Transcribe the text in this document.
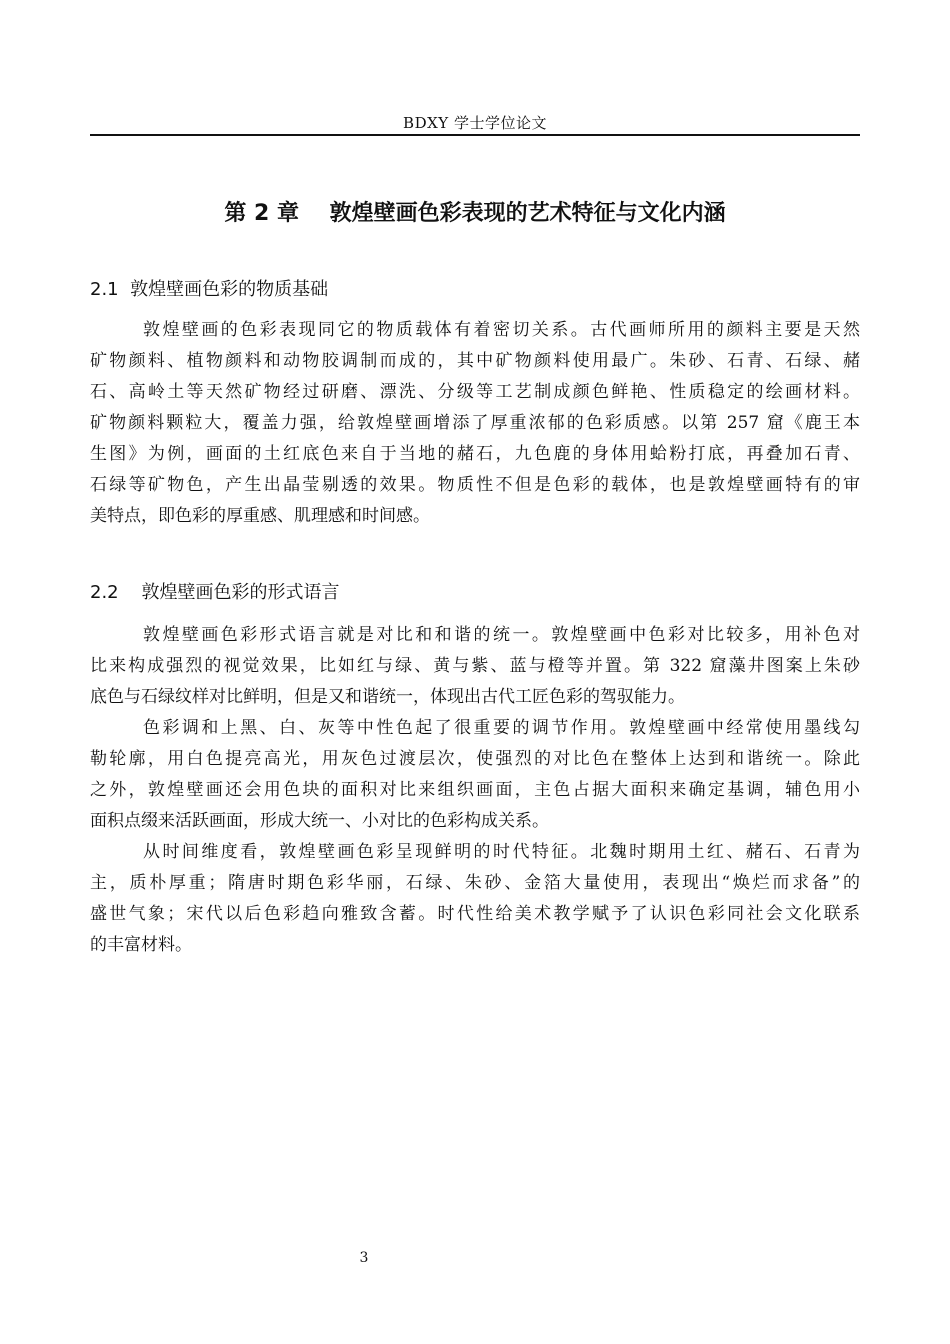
BDXY 学士学位论文
第 2 章    敦煌壁画色彩表现的艺术特征与文化内涵
2.1  敦煌壁画色彩的物质基础
敦煌壁画的色彩表现同它的物质载体有着密切关系。古代画师所用的颜料主要是天然
矿物颜料、植物颜料和动物胶调制而成的，其中矿物颜料使用最广。朱砂、石青、石绿、赭
石、高岭土等天然矿物经过研磨、漂洗、分级等工艺制成颜色鲜艳、性质稳定的绘画材料。
矿物颜料颗粒大，覆盖力强，给敦煌壁画增添了厚重浓郁的色彩质感。以第 257 窟《鹿王本
生图》为例，画面的土红底色来自于当地的赭石，九色鹿的身体用蛤粉打底，再叠加石青、
石绿等矿物色，产生出晶莹剔透的效果。物质性不但是色彩的载体，也是敦煌壁画特有的审
美特点，即色彩的厚重感、肌理感和时间感。
2.2    敦煌壁画色彩的形式语言
敦煌壁画色彩形式语言就是对比和和谐的统一。敦煌壁画中色彩对比较多，用补色对
比来构成强烈的视觉效果，比如红与绿、黄与紫、蓝与橙等并置。第 322 窟藻井图案上朱砂
底色与石绿纹样对比鲜明，但是又和谐统一，体现出古代工匠色彩的驾驭能力。
色彩调和上黑、白、灰等中性色起了很重要的调节作用。敦煌壁画中经常使用墨线勾
勒轮廓，用白色提亮高光，用灰色过渡层次，使强烈的对比色在整体上达到和谐统一。除此
之外，敦煌壁画还会用色块的面积对比来组织画面，主色占据大面积来确定基调，辅色用小
面积点缀来活跃画面，形成大统一、小对比的色彩构成关系。
从时间维度看，敦煌壁画色彩呈现鲜明的时代特征。北魏时期用土红、赭石、石青为
主，质朴厚重；隋唐时期色彩华丽，石绿、朱砂、金箔大量使用，表现出“焕烂而求备”的
盛世气象；宋代以后色彩趋向雅致含蓄。时代性给美术教学赋予了认识色彩同社会文化联系
的丰富材料。
3
